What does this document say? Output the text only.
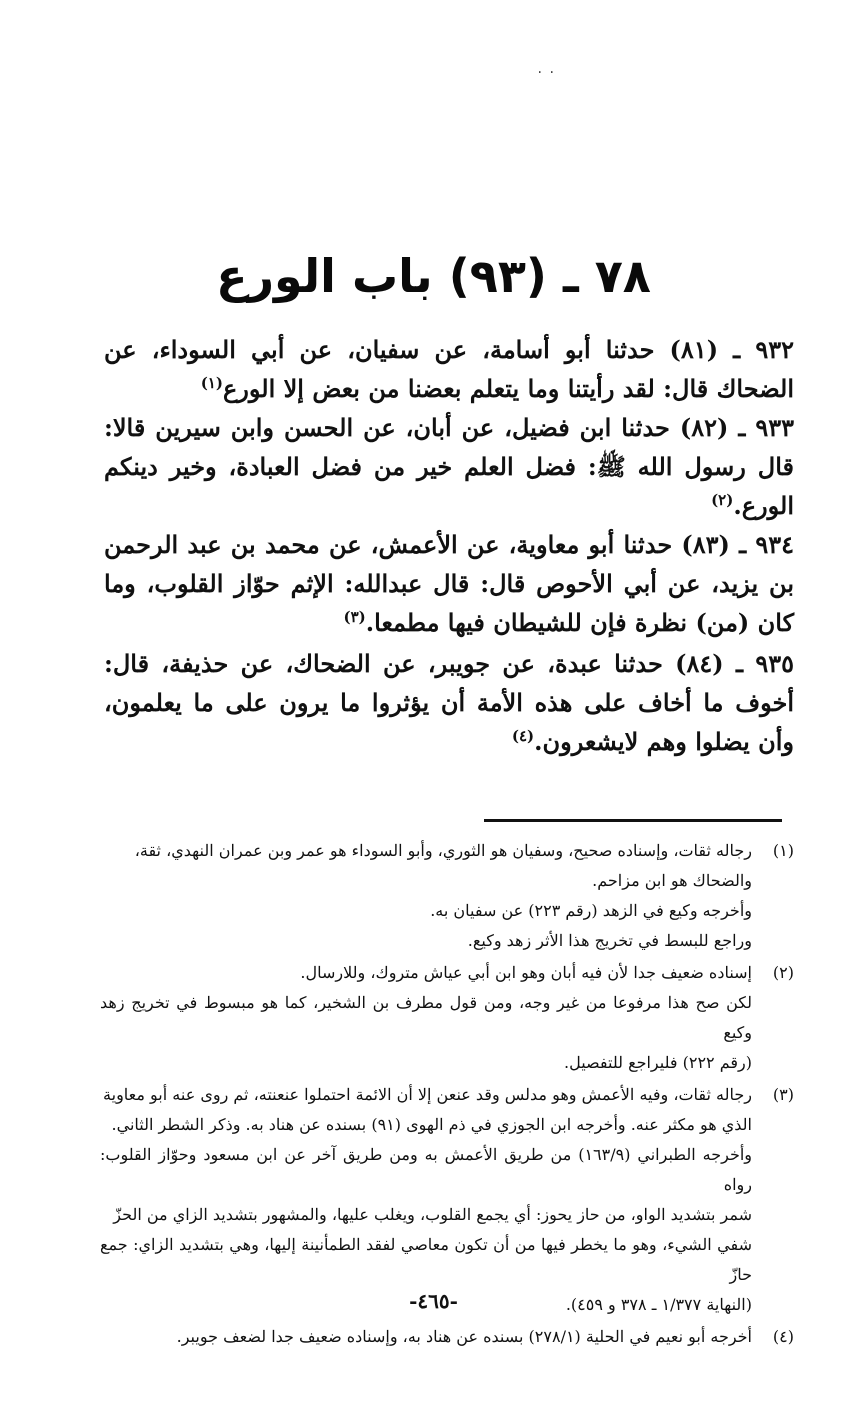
٠ ٠
٧٨ ـ (٩٣) باب الورع

٩٣٢ ـ (٨١) حدثنا أبو أسامة، عن سفيان، عن أبي السوداء، عن الضحاك قال: لقد رأيتنا وما يتعلم بعضنا من بعض إلا الورع$^{(١)}$

٩٣٣ ـ (٨٢) حدثنا ابن فضيل، عن أبان، عن الحسن وابن سيرين قالا: قال رسول الله ﷺ: فضل العلم خير من فضل العبادة، وخير دينكم الورع.$^{(٢)}$

٩٣٤ ـ (٨٣) حدثنا أبو معاوية، عن الأعمش، عن محمد بن عبد الرحمن بن يزيد، عن أبي الأحوص قال: قال عبدالله: الإثم حوّاز القلوب، وما كان (من) نظرة فإن للشيطان فيها مطمعا.$^{(٣)}$

٩٣٥ ـ (٨٤) حدثنا عبدة، عن جويبر، عن الضحاك، عن حذيفة، قال: أخوف ما أخاف على هذه الأمة أن يؤثروا ما يرون على ما يعلمون، وأن يضلوا وهم لايشعرون.$^{(٤)}$

(١)
رجاله ثقات، وإسناده صحيح، وسفيان هو الثوري، وأبو السوداء هو عمر وبن عمران النهدي، ثقة،
والضحاك هو ابن مزاحم.
وأخرجه وكيع في الزهد (رقم ٢٢٣) عن سفيان به.
وراجع للبسط في تخريج هذا الأثر زهد وكيع.
(٢)
إسناده ضعيف جدا لأن فيه أبان وهو ابن أبي عياش متروك، وللارسال.
لكن صح هذا مرفوعا من غير وجه، ومن قول مطرف بن الشخير، كما هو مبسوط في تخريج زهد وكيع
(رقم ٢٢٢) فليراجع للتفصيل.
(٣)
رجاله ثقات، وفيه الأعمش وهو مدلس وقد عنعن إلا أن الائمة احتملوا عنعنته، ثم روى عنه أبو معاوية
الذي هو مكثر عنه. وأخرجه ابن الجوزي في ذم الهوى (٩١) بسنده عن هناد به. وذكر الشطر الثاني.
وأخرجه الطبراني (١٦٣/٩) من طريق الأعمش به ومن طريق آخر عن ابن مسعود وحوّاز القلوب: رواه
شمر بتشديد الواو، من حاز يحوز: أي يجمع القلوب، ويغلب عليها، والمشهور بتشديد الزاي من الحزّ
شفي الشيء، وهو ما يخطر فيها من أن تكون معاصي لفقد الطمأنينة إليها، وهي بتشديد الزاي: جمع حازّ
(النهاية ١/٣٧٧ ـ ٣٧٨ و ٤٥٩).
(٤)
أخرجه أبو نعيم في الحلية (٢٧٨/١) بسنده عن هناد به، وإسناده ضعيف جدا لضعف جويبر.
-٤٦٥-
